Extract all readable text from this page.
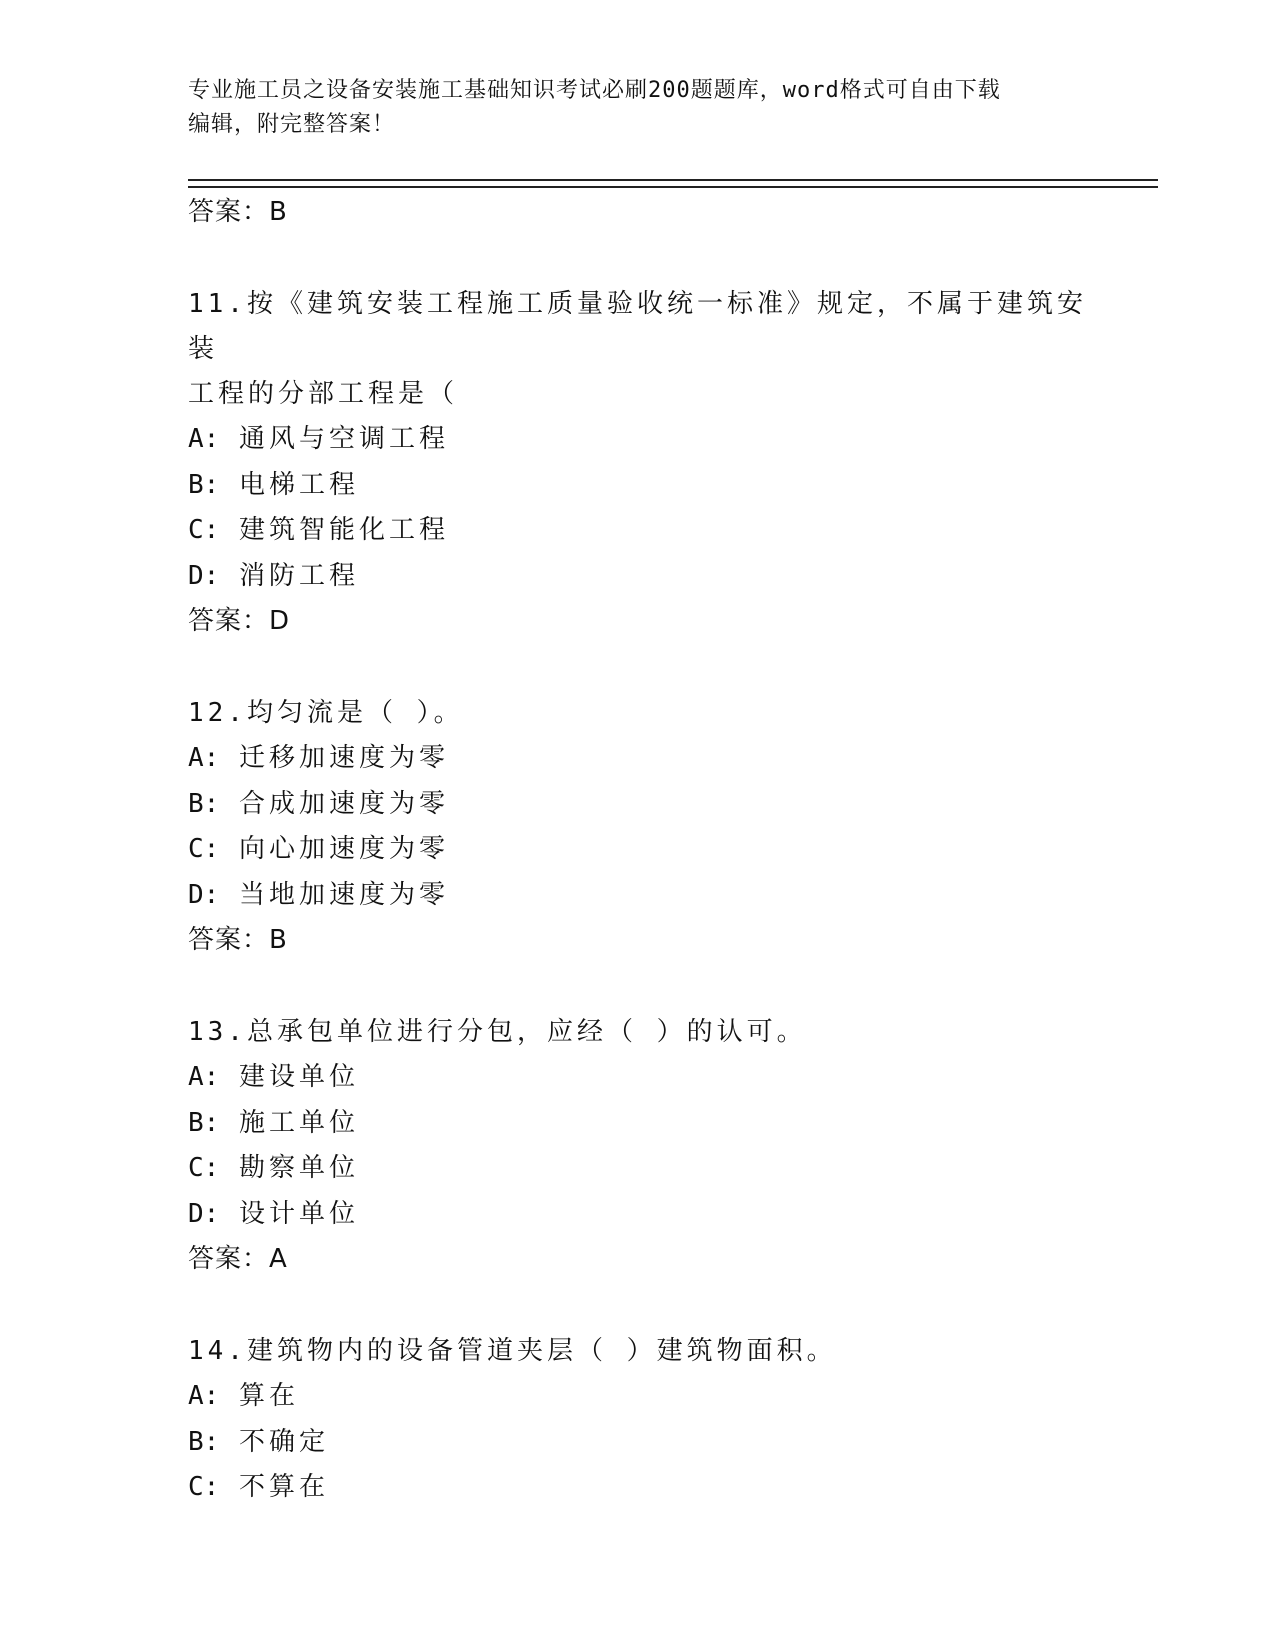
专业施工员之设备安装施工基础知识考试必刷200题题库，word格式可自由下载
编辑，附完整答案！
答案：B
11.按《建筑安装工程施工质量验收统一标准》规定，不属于建筑安装
工程的分部工程是（
A: 通风与空调工程
B: 电梯工程
C: 建筑智能化工程
D: 消防工程
答案：D
12.均匀流是（ ）。
A: 迁移加速度为零
B: 合成加速度为零
C: 向心加速度为零
D: 当地加速度为零
答案：B
13.总承包单位进行分包，应经（ ）的认可。
A: 建设单位
B: 施工单位
C: 勘察单位
D: 设计单位
答案：A
14.建筑物内的设备管道夹层（ ）建筑物面积。
A: 算在
B: 不确定
C: 不算在
